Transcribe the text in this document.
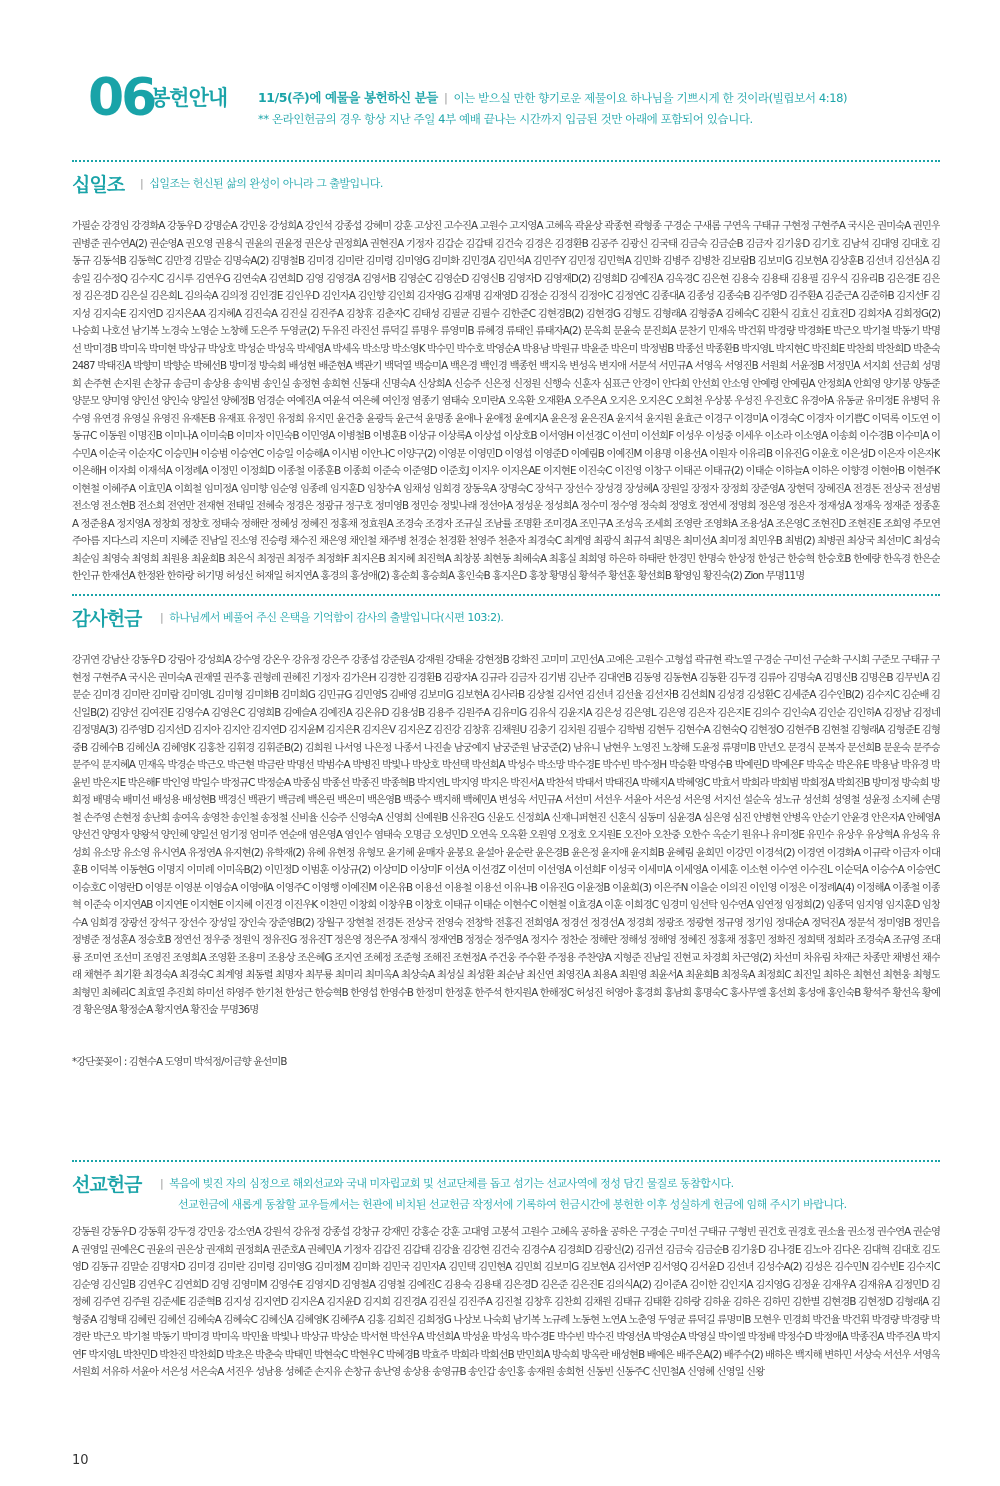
06
봉헌안내 11/5(주)에 예물을 봉헌하신 분들 | 이는 받으실 만한 향기로운 제물이요 하나님을 기쁘시게 한 것이라(빌립보서 4:18)
** 온라인헌금의 경우 항상 지난 주일 4부 예배 끝나는 시간까지 입금된 것만 아래에 포함되어 있습니다.
십일조 | 십일조는 헌신된 삶의 완성이 아니라 그 출발입니다.
가필순 강경임 강경화A 강동우D 강명순A 강민웅 강성희A 강인석 강종섭 강혜미 강훈 고상진 고수진A 고원수 고지영A 고혜옥 곽윤상 곽종현 곽형종 구경순 구새롬 구연옥 구태규 구현정 구현주A 국시은 권미숙A 권민우 권병준 권수연A(2) 권순영A 권오영 권용식 권윤의 권윤정 권은상 권정희A 권현진A 기정자 김갑순 김갑태 김건숙 김경은 김경환B 김공주 김광신 김국태 김금숙 김금순B 김금자 김기웅D 김기호 김남석 김대영 김대호 김동규 김동석B 김동혁C 김만경 김말순 김명숙A(2) 김명철B 김미경 김미란 김미령 김미영G 김미화 김민경A 김민석A 김민주Y 김민정 김민혁A 김민화 김병주 김병찬 김보람B 김보미G 김보현A 김상훈B 김선녀 김선심A 김송일 김수정Q 김수지C 김시루 김연우G 김연숙A 김연희D 김영 김영경A 김영서B 김영순C 김영순D 김영신B 김영자D 김영재D(2) 김영희D 김예진A 김옥경C 김은현 김용숙 김용태 김용필 김우식 김유리B 김은경E 김은정 김은경D 김은실 김은희L 김의숙A 김의정 김인경E 김인우D 김인자A 김인향 김인희 김자영G 김재명 김재영D 김정순 김정식 김정아C 김정연C 김종대A 김종성 김종숙B 김주영D 김주환A 김준근A 김준하B 김지선F 김지성 김지숙E 김지연D 김지은AA 김지혜A 김진숙A 김진실 김진주A 김창휴 김춘자C 김태성 김필균 김필수 김한준C 김현경B(2) 김현경G 김형도 김형래A 김형중A 김혜숙C 김환식 김효신 김효진D 김희자A 김희정G(2) 나승희 나호선 남기복 노경숙 노영순 노창해 도은주 두영균(2) 두유진 라진선 류덕길 류명우 류영미B 류혜경 류태인 류태자A(2) 문옥희 문윤숙 문진희A 문찬기 민재옥 박건휘 박경량 박경화E 박근오 박기철 박동기 박명선 박미경B 박미옥 박미현 박상규 박상호 박성순 박성옥 박세영A 박세옥 박소망 박소영K 박수민 박수호 박영순A 박용남 박원규 박윤준 박은미 박정범B 박종선 박종환B 박지영L 박지현C 박진희E 박찬희 박찬희D 박춘숙2487 박태진A 박향미 박향순 박혜선B 방미정 방숙희 배성현 배준현A 백관기 백덕열 백승미A 백은경 백인경 백종헌 백지욱 변성옥 변지애 서문석 서민규A 서영옥 서영진B 서원희 서윤정B 서정민A 서지희 선금희 성명희 손주현 손지원 손창규 송금미 송상용 송익범 송인실 송정현 송희현 신동대 신명숙A 신상희A 신승주 신은정 신정원 신행숙 신훈자 심표근 안경이 안다희 안선희 안소영 안예령 안예림A 안정희A 안희영 양기봉 양동준 양문모 양미영 양인선 양인숙 양일선 양혜정B 엄경순 여예진A 여윤석 여은혜 여인정 염종기 염태숙 오미란A 오옥환 오재환A 오주은A 오지은 오지은C 오희천 우상봉 우성진 우진호C 유경아A 유동균 유미정E 유병덕 유수영 유연경 유영실 유영진 유재돈B 유재표 유정민 유정희 유지민 윤건충 윤광득 윤근석 윤명종 윤애나 윤애정 윤예지A 윤은정 윤은진A 윤지석 윤지원 윤효근 이경구 이경미A 이경숙C 이경자 이기쁨C 이덕록 이도연 이동규C 이동원 이명진B 이미나A 이미숙B 이미자 이민숙B 이민영A 이병철B 이병훈B 이상규 이상록A 이상섭 이상호B 이서영H 이선경C 이선미 이선희F 이성우 이성중 이세우 이소라 이소영A 이송희 이수경B 이수미A 이수민A 이순국 이순자C 이승민H 이승범 이승연C 이승일 이승해A 이시범 이안나C 이양구(2) 이영문 이영민D 이영섭 이영준D 이예림B 이예진M 이용명 이용선A 이원자 이유리B 이유진G 이윤호 이은성D 이은자 이은자K 이은해H 이자희 이재석A 이정례A 이정민 이정희D 이종철 이종훈B 이종희 이준숙 이준영D 이준호J 이지우 이지은AE 이지현E 이진숙C 이진영 이창구 이태곤 이태규(2) 이태순 이하늘A 이하은 이향경 이현아B 이현주K 이현철 이혜주A 이효민A 이희철 임미정A 임미향 임순영 임종례 임지훈D 임창수A 임채성 임희경 장동욱A 장명숙C 장석구 장선수 장성경 장성혜A 장원일 장정자 장정희 장준영A 장현덕 장혜진A 전경돈 전상국 전성범 전소영 전소현B 전소희 전연만 전재현 전태일 전혜숙 정경은 정광규 정구호 정미영B 정민승 정빛나래 정선아A 정성운 정성희A 정수미 정수영 정숙희 정영호 정연세 정영희 정은영 정은자 정재성A 정재욱 정재준 정종훈A 정준용A 정지영A 정창희 정창호 정태숙 정해란 정혜성 정혜진 정홍채 정효원A 조경숙 조경자 조규실 조남률 조명환 조미경A 조민구A 조성옥 조세희 조영란 조영화A 조용성A 조은영C 조현진D 조현진E 조희영 주모연 주아름 지다스리 지은미 지혜준 진남일 진소영 진승령 채수진 채은영 채인철 채주병 천경순 천경환 천영주 천춘자 최경숙C 최계영 최광식 최규석 최명은 최미선A 최미정 최민우B 최범(2) 최병권 최상국 최선미C 최성숙 최순임 최영숙 최영희 최원용 최윤희B 최은식 최정권 최정주 최정화F 최지은B 최지혜 최진혁A 최창봉 최현동 최혜숙A 최홍실 최희영 하은하 하태란 한경민 한명숙 한상정 한성근 한승혁 한승호B 한예량 한옥경 한은순 한인규 한재선A 한정완 한하랑 허기명 허성신 허재일 허지연A 홍경의 홍성애(2) 홍순희 홍승희A 홍인숙B 홍지은D 홍창 황명심 황석주 황선훈 황선희B 황영임 황진숙(2) Zion 무명11명
감사헌금 | 하나님께서 베풀어 주신 은택을 기억함이 감사의 출발입니다(시편 103:2).
강귀연 강남산 강동우D 강림아 강성희A 강수영 강온우 강유정 강은주 강종섭 강준원A 강재원 강태윤 강현정B 강화진 고미미 고민선A 고예은 고원수 고형섭 곽규현 곽노열 구경순 구미선 구순화 구시회 구준모 구태규 구현정 구현주A 국시은 권미숙A 권재열 권주홍 권형레 권혜진 기정자 김가은H 김경한 김경환B 김광자A 김규라 김금자 김기범 김난주 김대연B 김동영 김동현A 김동환 김두경 김류아 김명숙A 김명신B 김명은B 김무빈A 김문순 김미경 김미란 김미람 김미영L 김미형 김미화B 김미희G 김민규G 김민영S 김배영 김보미G 김보현A 김사라B 김상철 김서연 김선녀 김선율 김선자B 김선희N 김성경 김성환C 김세준A 김수인B(2) 김수지C 김순배 김신일B(2) 김양선 김여진E 김영수A 김영은C 김영희B 김예슬A 김예진A 김온유D 김용성B 김용주 김원주A 김유미G 김유식 김윤지A 김은성 김은영L 김은영 김은자 김은지E 김의수 김인숙A 김인순 김인하A 김정남 김정네 김정명A(3) 김주영D 김지선D 김지아 김지안 김지연D 김지윤M 김지은R 김지은V 김지은Z 김진강 김창휴 김채원U 김충기 김치원 김필수 김학범 김현두 김현수A 김현숙Q 김현정O 김현주B 김현철 김형래A 김형준E 김형중B 김혜수B 김혜신A 김혜영K 김홍찬 김휘경 김휘준B(2) 김희원 나서영 나은정 나종서 나진솔 남궁예지 남궁준원 남궁준(2) 남유니 남현우 노영진 노창해 도윤정 류명미B 만년오 문경식 문복자 문선희B 문운숙 문주승 문주익 문지혜A 민재옥 박경순 박근오 박근현 박금란 박명선 박범수A 박병진 박빛나 박상호 박선택 박선희A 박성수 박소망 박수경E 박수빈 박수정H 박승환 박영수B 박예린D 박예은F 박옥순 박온유E 박용남 박유경 박윤빈 박은지E 박은해F 박인영 박일수 박정규C 박정순A 박종심 박종선 박종진 박종혁B 박지연L 박지영 박지은 박진서A 박찬석 박태서 박태진A 박해지A 박혜영C 박효서 박희라 박희범 박희정A 박희진B 방미정 방숙희 방희정 배명숙 배미선 배성용 배성현B 백경신 백관기 백금례 백은린 백은미 백은영B 백중수 백지해 백혜민A 변성옥 서민규A 서선미 서선우 서윤아 서은성 서은영 서지선 설순옥 성노규 성선희 성영철 성윤정 소지혜 손명철 손주영 손현정 송난희 송여옥 송영찬 송인철 송정철 신비율 신승주 신영숙A 신영희 신예원B 신유진G 신윤도 신정희A 신재니퍼현진 신혼식 심동미 심윤경A 심은영 심진 안병현 안병옥 안순기 안윤경 안은자A 안혜영A 양선건 양영자 양왕석 양인혜 양일선 엄기정 엄미주 연순애 염은영A 염인수 염태숙 오명금 오성민D 오연옥 오옥환 오원영 오정호 오지원E 오진아 오찬중 오한수 옥순기 원유나 유미정E 유민수 유상우 유상혁A 유성옥 유성희 유소망 유소영 유시연A 유정연A 유지현(2) 유학재(2) 유혜 유현정 유형모 윤기혜 윤매자 윤봉요 윤설아 윤순란 윤은경B 윤은정 윤지애 윤지희B 윤혜림 윤희민 이강민 이경석(2) 이경연 이경화A 이규락 이금자 이대훈B 이덕복 이동현G 이명지 이미례 이미옥B(2) 이민정D 이범훈 이상규(2) 이상미D 이상미F 이선A 이선경Z 이선미 이선영A 이선희F 이성국 이세미A 이세영A 이세훈 이소현 이수연 이수진L 이순덕A 이승수A 이승연C 이승호C 이영란D 이영문 이영분 이영승A 이영애A 이영주C 이영행 이예진M 이온유B 이용선 이용철 이용선 이유나B 이유진G 이윤정B 이윤희(3) 이은주N 이을순 이의진 이인영 이정은 이정례A(4) 이정해A 이종철 이종혁 이준숙 이지연AB 이지연E 이지현E 이지혜 이진경 이진우K 이찬민 이창희 이창우B 이창호 이태규 이태순 이현수C 이현철 이효경A 이훈 이희경C 임경미 임선탁 임수연A 임연정 임정희(2) 임종덕 임지영 임지훈D 임창수A 임희경 장광선 장석구 장선수 장성일 장인숙 장준영B(2) 장월구 장현철 전경돈 전상국 전영숙 전창학 전홍진 전희영A 정경선 정경선A 정경희 정광조 정광현 정규영 정기임 정대순A 정덕진A 정문석 정미영B 정민음 정병준 정성훈A 정승호B 정연선 정우중 정원익 정유진G 정유진T 정은영 정은주A 정재식 정재연B 정정순 정주영A 정지수 정찬순 정해란 정해성 정해영 정혜진 정홍채 정홍민 정화진 정희택 정희라 조경숙A 조규영 조대룡 조미연 조선미 조영진 조영희A 조영환 조용미 조용상 조은혜G 조지연 조혜정 조준형 조해진 조현정A 주건웅 주수환 주정용 주찬양A 지형준 진남일 진현교 차경희 차근영(2) 차선미 차유림 차재근 차종만 채병선 채수래 채현주 최기환 최경숙A 최경숙C 최계영 최동렬 최명자 최무룡 최미리 최미옥A 최상숙A 최성실 최성환 최순남 최신연 최영진A 최용A 최원영 최윤서A 최윤희B 최정욱A 최정희C 최진일 최하은 최현선 최현웅 최형도 최형민 최혜리C 최효열 추진희 하미선 하영주 한기천 한성근 한승혁B 한영섭 한영수B 한정미 한정훈 한주석 한지원A 한해정C 허성진 허영아 홍경희 홍남희 홍명숙C 홍사무엘 홍선희 홍성애 홍인숙B 황석주 황선옥 황예경 황은영A 황정순A 황지연A 황진술 무명36명
*강단꽃꽂이 : 김현수A 도영미 박석정/이금향 윤선미B
선교헌금 | 복음에 빚진 자의 심정으로 해외선교와 국내 미자립교회 및 선교단체를 돕고 섬기는 선교사역에 정성 담긴 물질로 동참합시다.
선교헌금에 새롭게 동참할 교우들께서는 헌관에 비치된 선교헌금 작정서에 기록하여 헌금시간에 봉헌한 이후 성실하게 헌금에 임해 주시기 바랍니다.
강동원 강동우D 강동휘 강두경 강민웅 강소연A 강원석 강유정 강종섭 강창규 강재민 강홍순 강훈 고대영 고봉석 고원수 고혜옥 공하율 공하은 구경순 구미선 구태규 구형빈 권건호 권경호 권소율 권소정 권수연A 권순영A 권영일 권예은C 권윤의 권은상 권재희 권정희A 권준호A 권혜민A 기정자 김갑진 김갑태 김강율 김강현 김건숙 김경수A 김경희D 김광신(2) 김귀선 김금숙 김금순B 김기웅D 김나경E 김노아 김다온 김대혁 김대호 김도영D 김동규 김말순 김명자D 김미경 김미란 김미령 김미영G 김미정M 김미화 김민국 김민자A 김민택 김민현A 김민희 김보미G 김보현A 김서연P 김서영Q 김서윤D 김선녀 김성수A(2) 김성은 김수민N 김수빈E 김수지C 김순영 김신일B 김연우C 김연희D 김영 김영미M 김영수E 김영지D 김영철A 김영철 김예진C 김용숙 김용태 김은경D 김은준 김은진E 김의식A(2) 김이준A 김이한 김인지A 김지영G 김정윤 김재우A 김재유A 김정민D 김정혜 김주연 김주원 김준세E 김준혁B 김지성 김지연D 김지은A 김지윤D 김지희 김진경A 김진실 김진주A 김진철 김창후 김찬희 김채원 김태규 김태환 김하랑 김하윤 김하은 김하민 김한별 김현경B 김현정D 김형래A 김형중A 김형태 김혜린 김혜선 김혜숙A 김혜숙C 김혜신A 김혜영K 김혜주A 김홍 김희진 김희정G 나상보 나숙희 남기복 노규례 노동현 노연A 노춘영 두영균 류덕길 류명미B 모현우 민경희 박건율 박건휘 박경량 박경량 박경란 박근오 박기철 박동기 박미경 박미옥 박민율 박빛나 박상규 박상순 박서현 박선우A 박선희A 박성윤 박성옥 박수경E 박수빈 박수진 박영선A 박영순A 박영실 박이엘 박정배 박정수D 박정애A 박종진A 박주진A 박지연F 박지영L 박찬민D 박찬진 박찬희D 박초은 박춘숙 박태민 박현숙C 박현우C 박혜경B 박효주 박희라 박희선B 반민희A 방숙희 방옥란 배성현B 배예은 배주은A(2) 배주수(2) 배하은 백지해 변하민 서상숙 서선우 서영옥 서원희 서유하 서윤아 서은성 서은숙A 서진우 성남용 성혜준 손지유 손창규 송난영 송상용 송영규B 송인갑 송인홍 송재원 송희헌 신동빈 신동주C 신민철A 신영혜 신영일 신왕
10
